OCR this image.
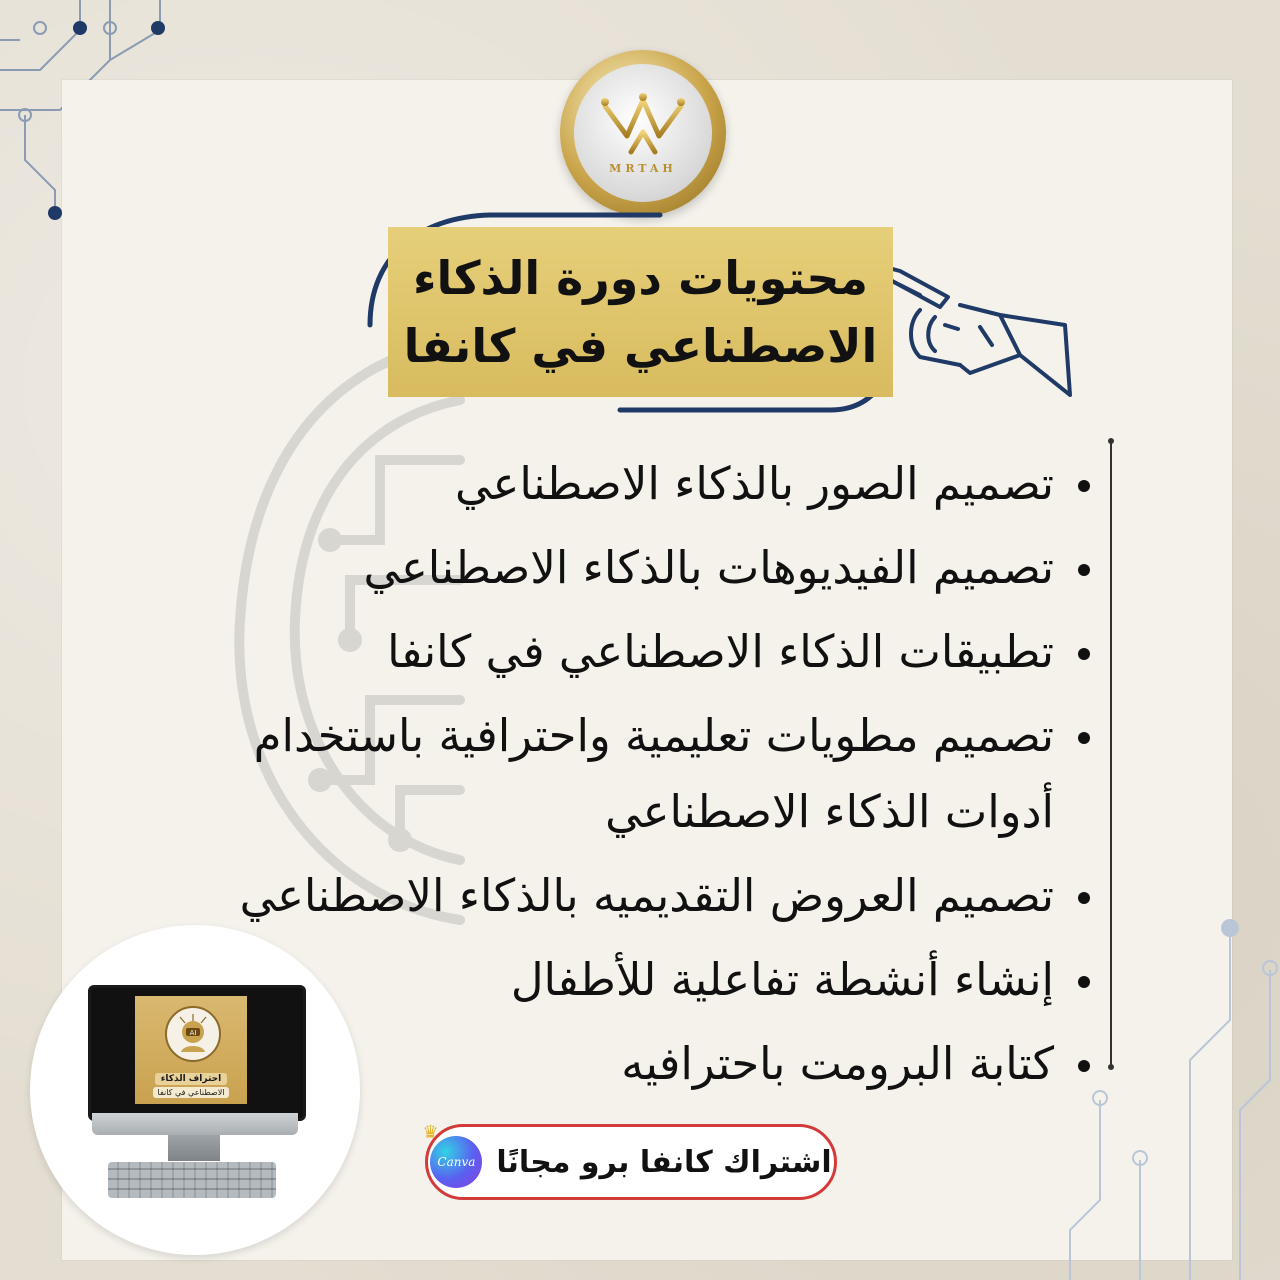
MRTAH
محتويات دورة الذكاء
الاصطناعي في كانفا
تصميم الصور بالذكاء الاصطناعي
تصميم الفيديوهات بالذكاء الاصطناعي
تطبيقات الذكاء الاصطناعي في كانفا
تصميم مطويات تعليمية واحترافية باستخدام أدوات الذكاء الاصطناعي
تصميم العروض التقديميه بالذكاء الاصطناعي
إنشاء أنشطة تفاعلية للأطفال
كتابة البرومت باحترافيه
AI
احتراف الذكاء
الاصطناعي في كانفا
اشتراك كانفا برو مجانًا
♛
Canva
